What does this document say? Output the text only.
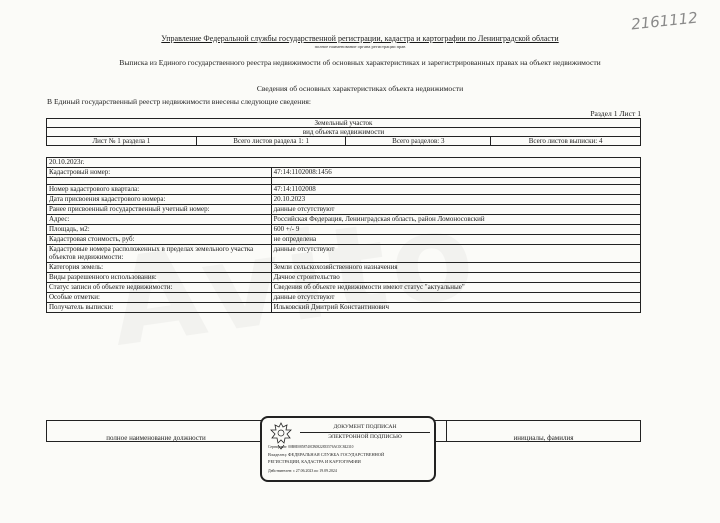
2161112
Управление Федеральной службы государственной регистрации, кадастра и картографии по Ленинградской области
полное наименование органа регистрации прав
Выписка из Единого государственного реестра недвижимости об основных характеристиках и зарегистрированных правах на объект недвижимости
Сведения об основных характеристиках объекта недвижимости
В Единый государственный реестр недвижимости внесены следующие сведения:
Раздел 1 Лист 1
Земельный участок
вид объекта недвижимости
Лист № 1 раздела 1	Всего листов раздела 1: 1	Всего разделов: 3	Всего листов выписки: 4
20.10.2023г.	
Кадастровый номер:	47:14:1102008:1456

Номер кадастрового квартала:	47:14:1102008
Дата присвоения кадастрового номера:	20.10.2023
Ранее присвоенный государственный учетный номер:	данные отсутствуют
Адрес:	Российская Федерация, Ленинградская область, район Ломоносовский
Площадь, м2:	600 +/- 9
Кадастровая стоимость, руб:	не определена
Кадастровые номера расположенных в пределах земельного участка объектов недвижимости:	данные отсутствуют
Категория земель:	Земли сельскохозяйственного назначения
Виды разрешенного использования:	Дачное строительство
Статус записи об объекте недвижимости:	Сведения об объекте недвижимости имеют статус "актуальные"
Особые отметки:	данные отсутствуют
Получатель выписки:	Ильковский Дмитрий Константинович
полное наименование должности	инициалы, фамилия
ДОКУМЕНТ ПОДПИСАН
ЭЛЕКТРОННОЙ ПОДПИСЬЮ
Сертификат: 00B8E0858740CB0822835576AC0C842310
Владелец: ФЕДЕРАЛЬНАЯ СЛУЖБА ГОСУДАРСТВЕННОЙ
РЕГИСТРАЦИИ, КАДАСТРА И КАРТОГРАФИИ
Действителен: с 27.06.2023 по 19.09.2024
